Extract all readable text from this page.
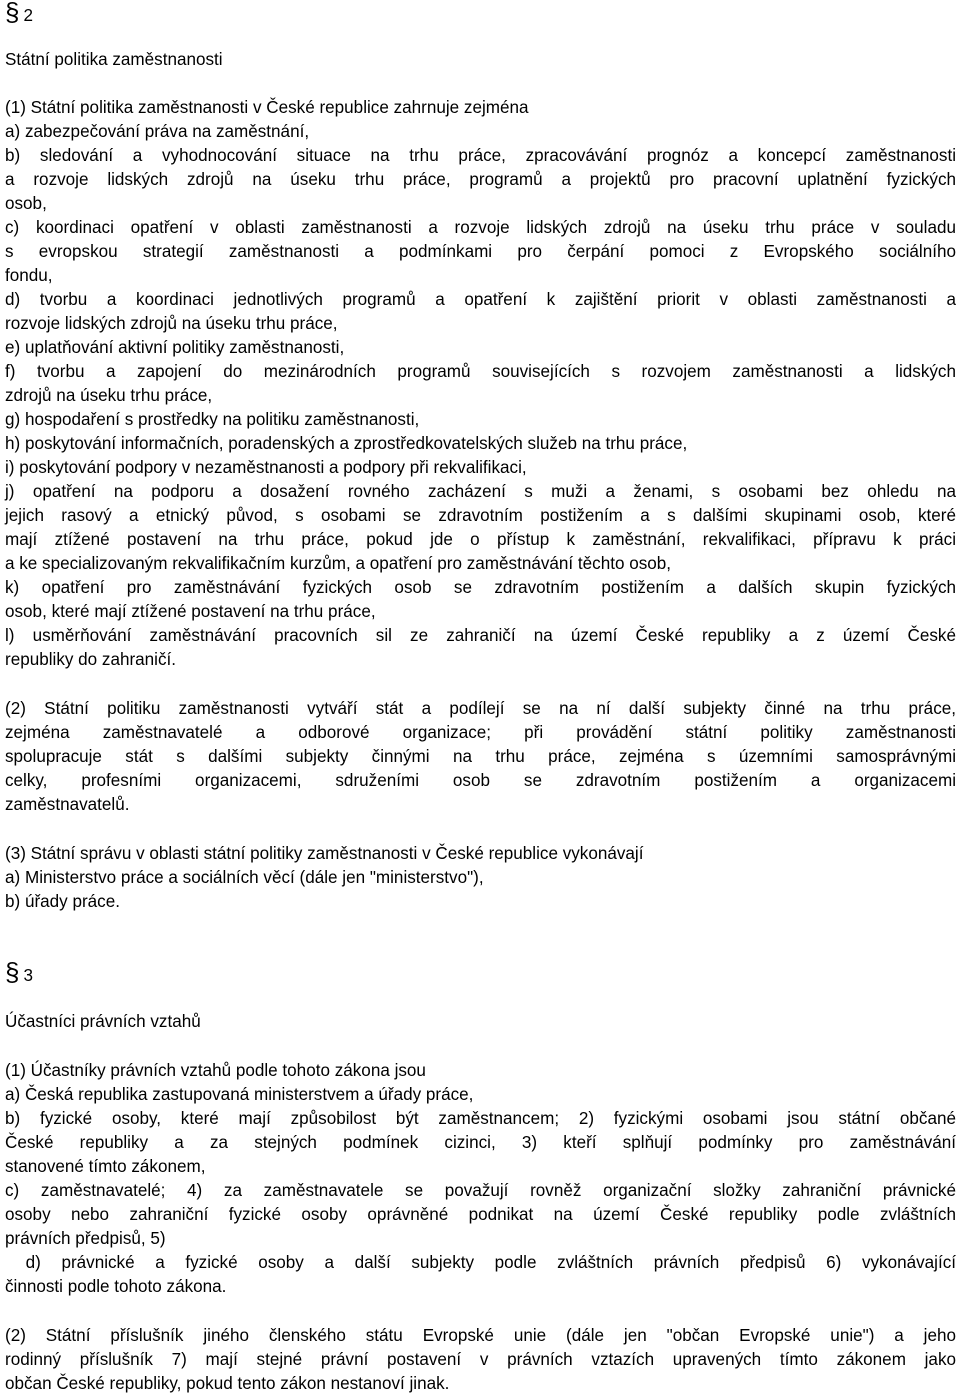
§ 2
Státní politika zaměstnanosti
(1) Státní politika zaměstnanosti v České republice zahrnuje zejména
a) zabezpečování práva na zaměstnání,
b) sledování a vyhodnocování situace na trhu práce, zpracovávání prognóz a koncepcí zaměstnanosti
a rozvoje lidských zdrojů na úseku trhu práce, programů a projektů pro pracovní uplatnění fyzických
osob,
c) koordinaci opatření v oblasti zaměstnanosti a rozvoje lidských zdrojů na úseku trhu práce v souladu
s evropskou strategií zaměstnanosti a podmínkami pro čerpání pomoci z Evropského sociálního
fondu,
d) tvorbu a koordinaci jednotlivých programů a opatření k zajištění priorit v oblasti zaměstnanosti a
rozvoje lidských zdrojů na úseku trhu práce,
e) uplatňování aktivní politiky zaměstnanosti,
f) tvorbu a zapojení do mezinárodních programů souvisejících s rozvojem zaměstnanosti a lidských
zdrojů na úseku trhu práce,
g) hospodaření s prostředky na politiku zaměstnanosti,
h) poskytování informačních, poradenských a zprostředkovatelských služeb na trhu práce,
i) poskytování podpory v nezaměstnanosti a podpory při rekvalifikaci,
j) opatření na podporu a dosažení rovného zacházení s muži a ženami, s osobami bez ohledu na
jejich rasový a etnický původ, s osobami se zdravotním postižením a s dalšími skupinami osob, které
mají ztížené postavení na trhu práce, pokud jde o přístup k zaměstnání, rekvalifikaci, přípravu k práci
a ke specializovaným rekvalifikačním kurzům, a opatření pro zaměstnávání těchto osob,
k) opatření pro zaměstnávání fyzických osob se zdravotním postižením a dalších skupin fyzických
osob, které mají ztížené postavení na trhu práce,
l) usměrňování zaměstnávání pracovních sil ze zahraničí na území České republiky a z území České
republiky do zahraničí.
(2) Státní politiku zaměstnanosti vytváří stát a podílejí se na ní další subjekty činné na trhu práce,
zejména zaměstnavatelé a odborové organizace; při provádění státní politiky zaměstnanosti
spolupracuje stát s dalšími subjekty činnými na trhu práce, zejména s územními samosprávnými
celky, profesními organizacemi, sdruženími osob se zdravotním postižením a organizacemi
zaměstnavatelů.
(3) Státní správu v oblasti státní politiky zaměstnanosti v České republice vykonávají
a) Ministerstvo práce a sociálních věcí (dále jen "ministerstvo"),
b) úřady práce.
§ 3
Účastníci právních vztahů
(1) Účastníky právních vztahů podle tohoto zákona jsou
a) Česká republika zastupovaná ministerstvem a úřady práce,
b) fyzické osoby, které mají způsobilost být zaměstnancem; 2) fyzickými osobami jsou státní občané
České republiky a za stejných podmínek cizinci, 3) kteří splňují podmínky pro zaměstnávání
stanovené tímto zákonem,
c) zaměstnavatelé; 4) za zaměstnavatele se považují rovněž organizační složky zahraniční právnické
osoby nebo zahraniční fyzické osoby oprávněné podnikat na území České republiky podle zvláštních
právních předpisů, 5)
d) právnické a fyzické osoby a další subjekty podle zvláštních právních předpisů 6) vykonávající
činnosti podle tohoto zákona.
(2) Státní příslušník jiného členského státu Evropské unie (dále jen "občan Evropské unie") a jeho
rodinný příslušník 7) mají stejné právní postavení v právních vztazích upravených tímto zákonem jako
občan České republiky, pokud tento zákon nestanoví jinak.
